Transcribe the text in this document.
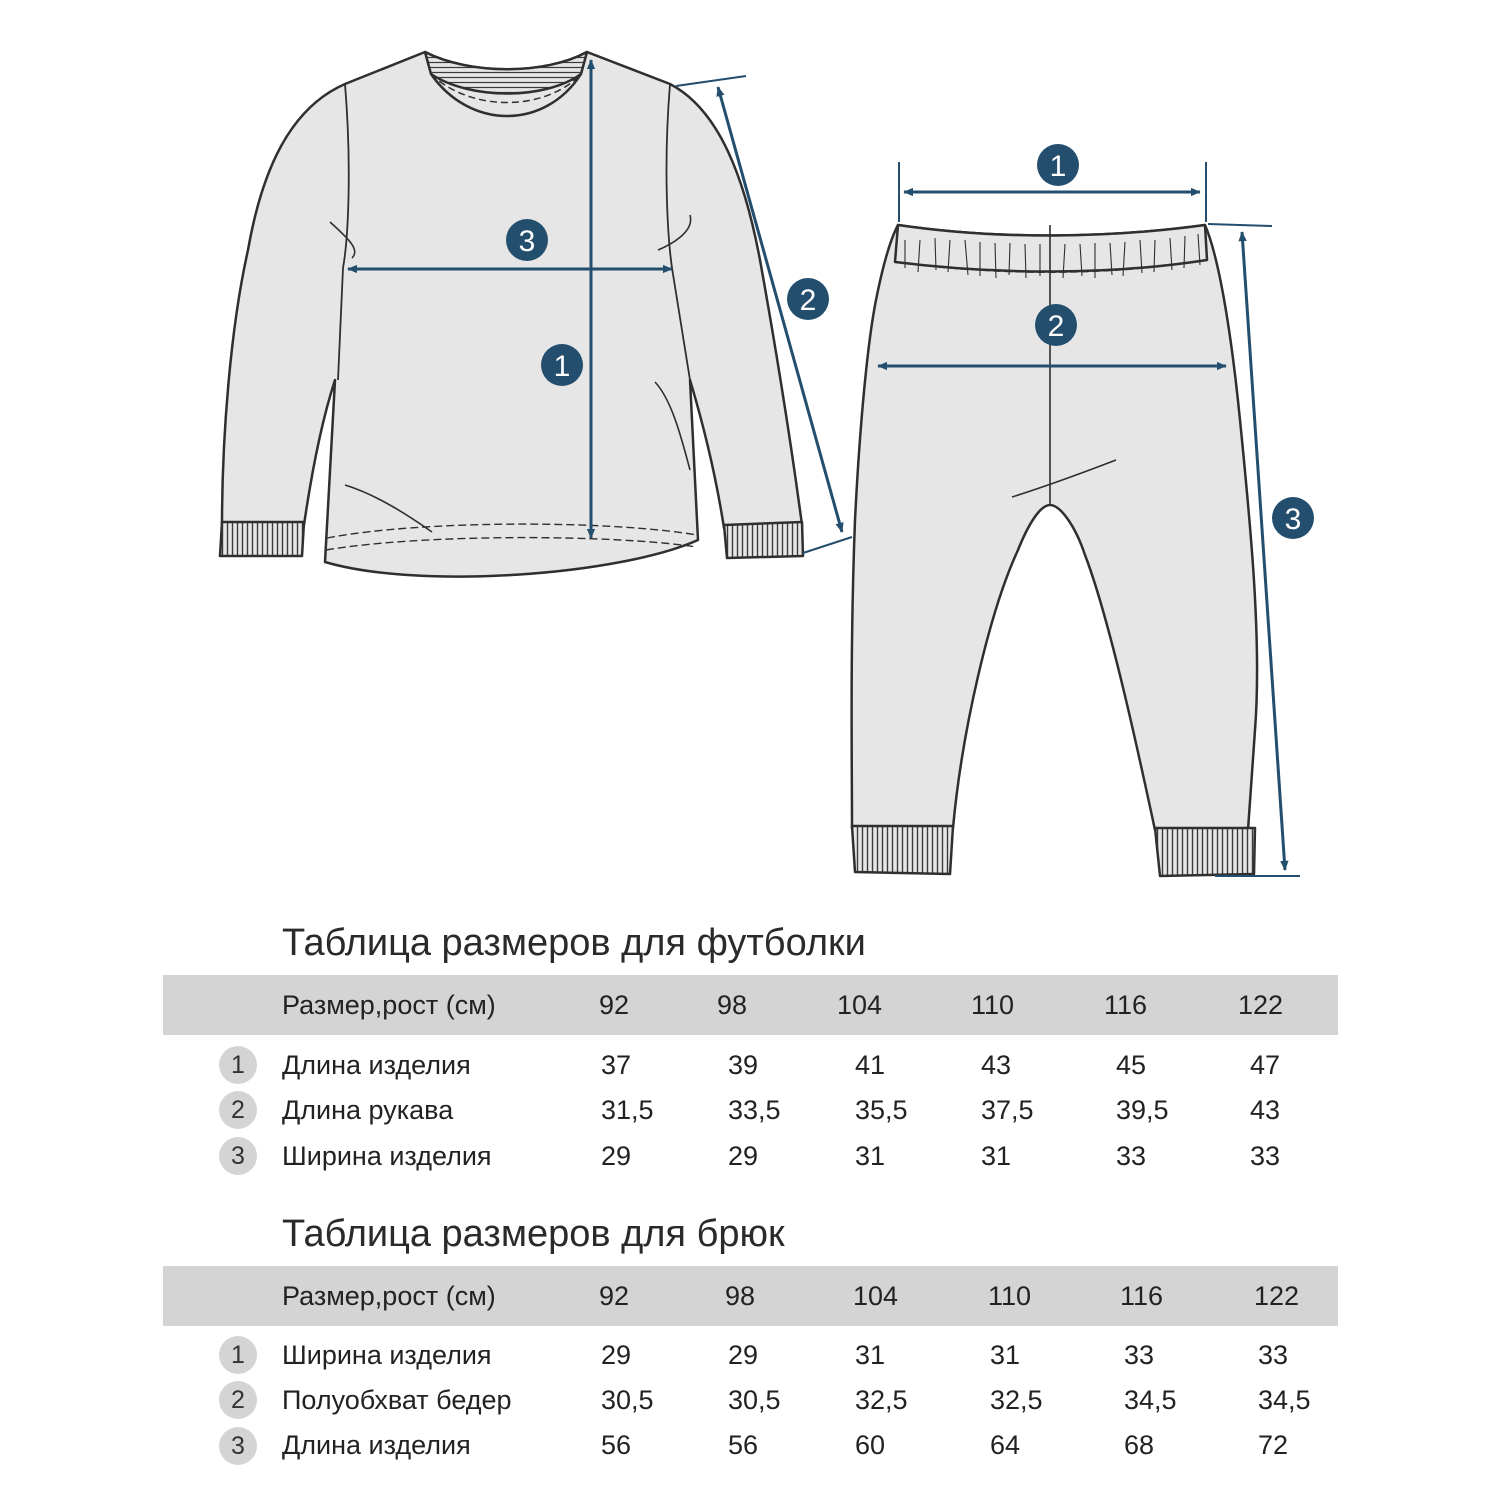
1
2
3
1
2
3
Таблица размеров для футболки
Размер,рост (см)	92	98	104	110	116	122
1	Длина изделия	37	39	41	43	45	47
2	Длина рукава	31,5	33,5	35,5	37,5	39,5	43
3	Ширина изделия	29	29	31	31	33	33
Таблица размеров для брюк
Размер,рост (см)	92	98	104	110	116	122
1	Ширина изделия	29	29	31	31	33	33
2	Полуобхват бедер	30,5	30,5	32,5	32,5	34,5	34,5
3	Длина изделия	56	56	60	64	68	72
